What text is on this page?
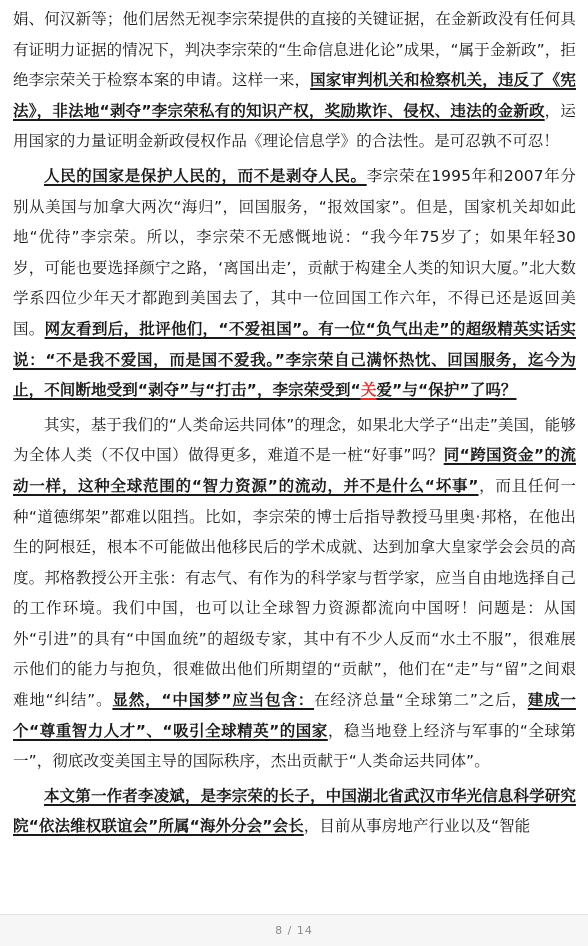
娟、何汉新等；他们居然无视李宗荣提供的直接的关键证据，在金新政没有任何具有证明力证据的情况下，判决李宗荣的“生命信息进化论”成果，“属于金新政”，拒绝李宗荣关于检察本案的申请。这样一来，国家审判机关和检察机关，违反了《宪法》，非法地“剥夺”李宗荣私有的知识产权，奖励欺诈、侵权、违法的金新政，运用国家的力量证明金新政侵权作品《理论信息学》的合法性。是可忍孰不可忍！

人民的国家是保护人民的，而不是剥夺人民。李宗荣在1995年和2007年分别从美国与加拿大两次“海归”，回国服务，“报效国家”。但是，国家机关却如此地“优待”李宗荣。所以，李宗荣不无感慨地说：“我今年75岁了；如果年轻30岁，可能也要选择颜宁之路，‘离国出走’，贡献于构建全人类的知识大厦。”北大数学系四位少年天才都跑到美国去了，其中一位回国工作六年，不得已还是返回美国。网友看到后，批评他们，“不爱祖国”。有一位“负气出走”的超级精英实话实说：“不是我不爱国，而是国不爱我。”李宗荣自己满怀热忱、回国服务，迄今为止，不间断地受到“剥夺”与“打击”，李宗荣受到“关爱”与“保护”了吗？

其实，基于我们的“人类命运共同体”的理念，如果北大学子“出走”美国，能够为全体人类（不仅中国）做得更多，难道不是一桩“好事”吗？同“跨国资金”的流动一样，这种全球范围的“智力资源”的流动，并不是什么“坏事”，而且任何一种“道德绑架”都难以阻挡。比如，李宗荣的博士后指导教授马里奥·邦格，在他出生的阿根廷，根本不可能做出他移民后的学术成就、达到加拿大皇家学会会员的高度。邦格教授公开主张：有志气、有作为的科学家与哲学家，应当自由地选择自己的工作环境。我们中国，也可以让全球智力资源都流向中国呀！问题是：从国外“引进”的具有“中国血统”的超级专家，其中有不少人反而“水土不服”，很难展示他们的能力与抱负，很难做出他们所期望的“贡献”，他们在“走”与“留”之间艰难地“纠结”。显然，“中国梦”应当包含：在经济总量“全球第二”之后，建成一个“尊重智力人才”、“吸引全球精英”的国家，稳当地登上经济与军事的“全球第一”，彻底改变美国主导的国际秩序，杰出贡献于“人类命运共同体”。

本文第一作者李凌斌，是李宗荣的长子，中国湖北省武汉市华光信息科学研究院“依法维权联谊会”所属“海外分会”会长，目前从事房地产行业以及“智能

8 / 14
